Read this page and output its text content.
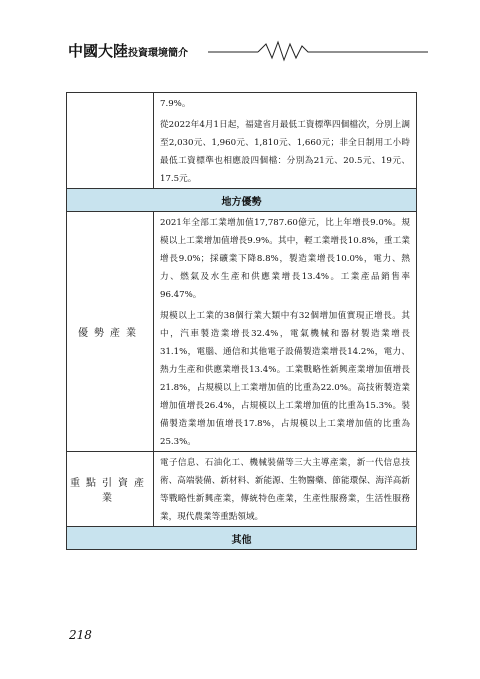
中國大陸投資環境簡介

	7.9%。

從2022年4月1日起，福建省月最低工資標準四個檔次，分別上調至2,030元、1,960元、1,810元、1,660元；非全日制用工小時最低工資標準也相應設四個檔：分別為21元、20.5元、19元、17.5元。

地方優勢	
優勢產業	2021年全部工業增加值17,787.60億元，比上年增長9.0%。規模以上工業增加值增長9.9%。其中，輕工業增長10.8%，重工業增長9.0%；採礦業下降8.8%，製造業增長10.0%，電力、熱力、燃氣及水生產和供應業增長13.4%。工業產品銷售率96.47%。

規模以上工業的38個行業大類中有32個增加值實現正增長。其中，汽車製造業增長32.4%，電氣機械和器材製造業增長31.1%，電腦、通信和其他電子設備製造業增長14.2%，電力、熱力生產和供應業增長13.4%。工業戰略性新興產業增加值增長21.8%，占規模以上工業增加值的比重為22.0%。高技術製造業增加值增長26.4%，占規模以上工業增加值的比重為15.3%。裝備製造業增加值增長17.8%，占規模以上工業增加值的比重為25.3%。

重點引資產業	電子信息、石油化工、機械裝備等三大主導產業，新一代信息技術、高端裝備、新材料、新能源、生物醫藥、節能環保、海洋高新等戰略性新興產業，傳統特色產業，生產性服務業，生活性服務業，現代農業等重點領域。

其他	
218
